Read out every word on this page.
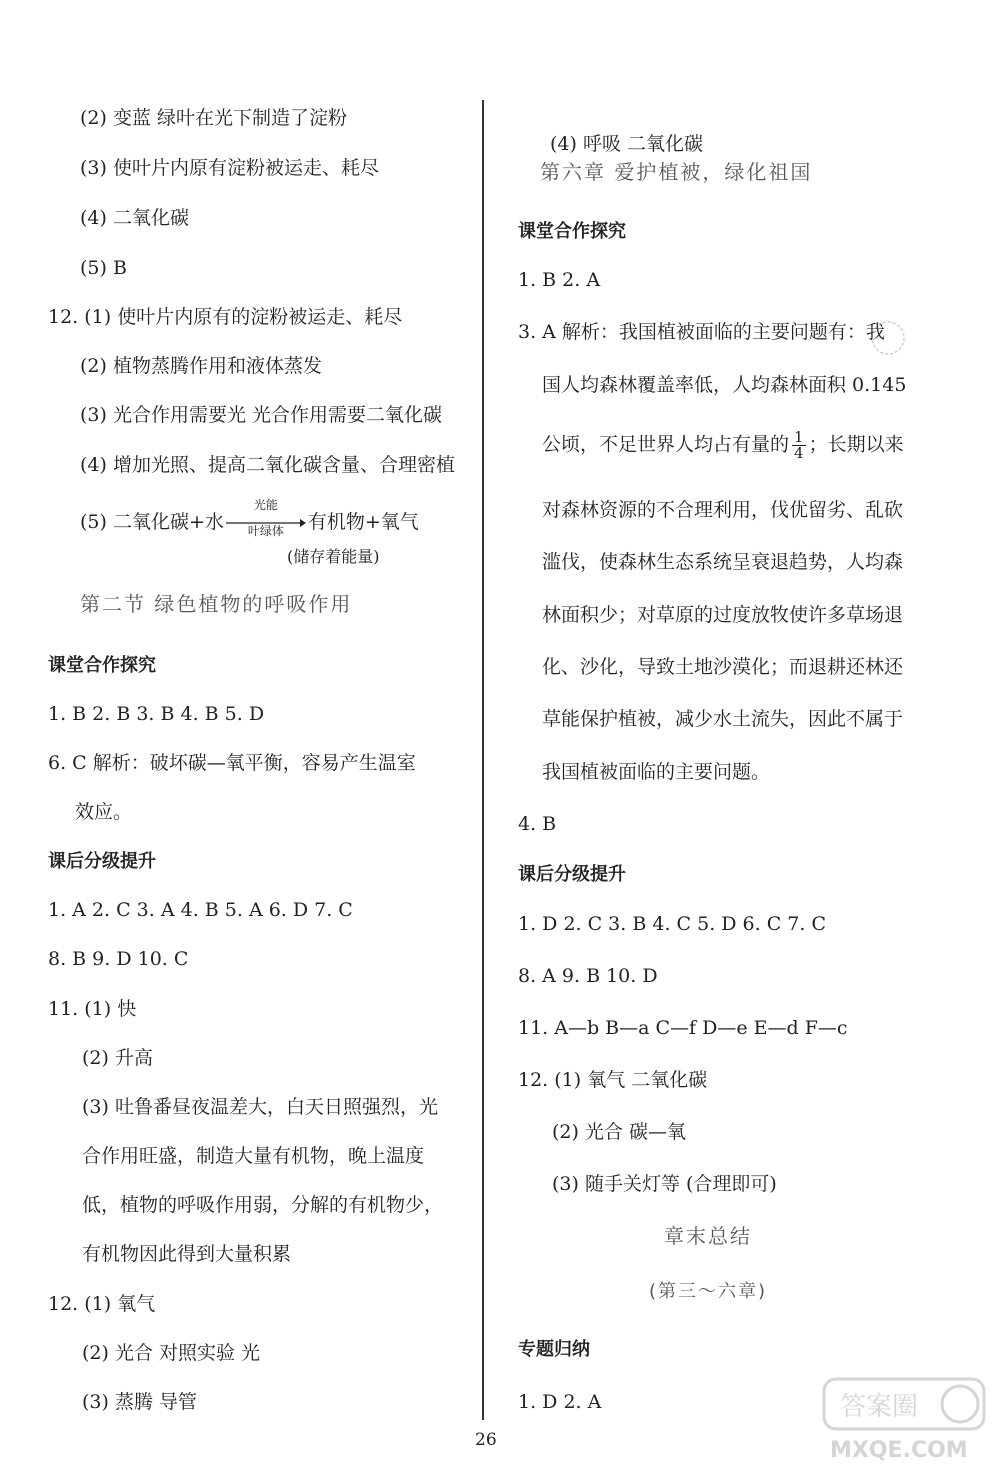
(2) 变蓝 绿叶在光下制造了淀粉
(3) 使叶片内原有淀粉被运走、耗尽
(4) 二氧化碳
(5) B
12. (1) 使叶片内原有的淀粉被运走、耗尽
(2) 植物蒸腾作用和液体蒸发
(3) 光合作用需要光 光合作用需要二氧化碳
(4) 增加光照、提高二氧化碳含量、合理密植
(5) 二氧化碳+水
光能
叶绿体	有机物+氧气
(储存着能量)
第二节 绿色植物的呼吸作用
课堂合作探究
1. B 2. B 3. B 4. B 5. D
6. C 解析：破坏碳—氧平衡，容易产生温室
效应。
课后分级提升
1. A 2. C 3. A 4. B 5. A 6. D 7. C
8. B 9. D 10. C
11. (1) 快
(2) 升高
(3) 吐鲁番昼夜温差大，白天日照强烈，光
合作用旺盛，制造大量有机物，晚上温度
低，植物的呼吸作用弱，分解的有机物少，
有机物因此得到大量积累
12. (1) 氧气
(2) 光合 对照实验 光
(3) 蒸腾 导管
(4) 呼吸 二氧化碳
第六章 爱护植被，绿化祖国
课堂合作探究
1. B 2. A
3. A 解析：我国植被面临的主要问题有：我
国人均森林覆盖率低，人均森林面积 0.145
公顷，不足世界人均占有量的 $\frac{1}{4}$ ；长期以来
对森林资源的不合理利用，伐优留劣、乱砍
滥伐，使森林生态系统呈衰退趋势，人均森
林面积少；对草原的过度放牧使许多草场退
化、沙化，导致土地沙漠化；而退耕还林还
草能保护植被，减少水土流失，因此不属于
我国植被面临的主要问题。
4. B
课后分级提升
1. D 2. C 3. B 4. C 5. D 6. C 7. C
8. A 9. B 10. D
11. A—b B—a C—f D—e E—d F—c
12. (1) 氧气 二氧化碳
(2) 光合 碳—氧
(3) 随手关灯等 (合理即可)
章末总结
(第三～六章)
专题归纳
1. D 2. A
26
答案圈
MXQE.COM
